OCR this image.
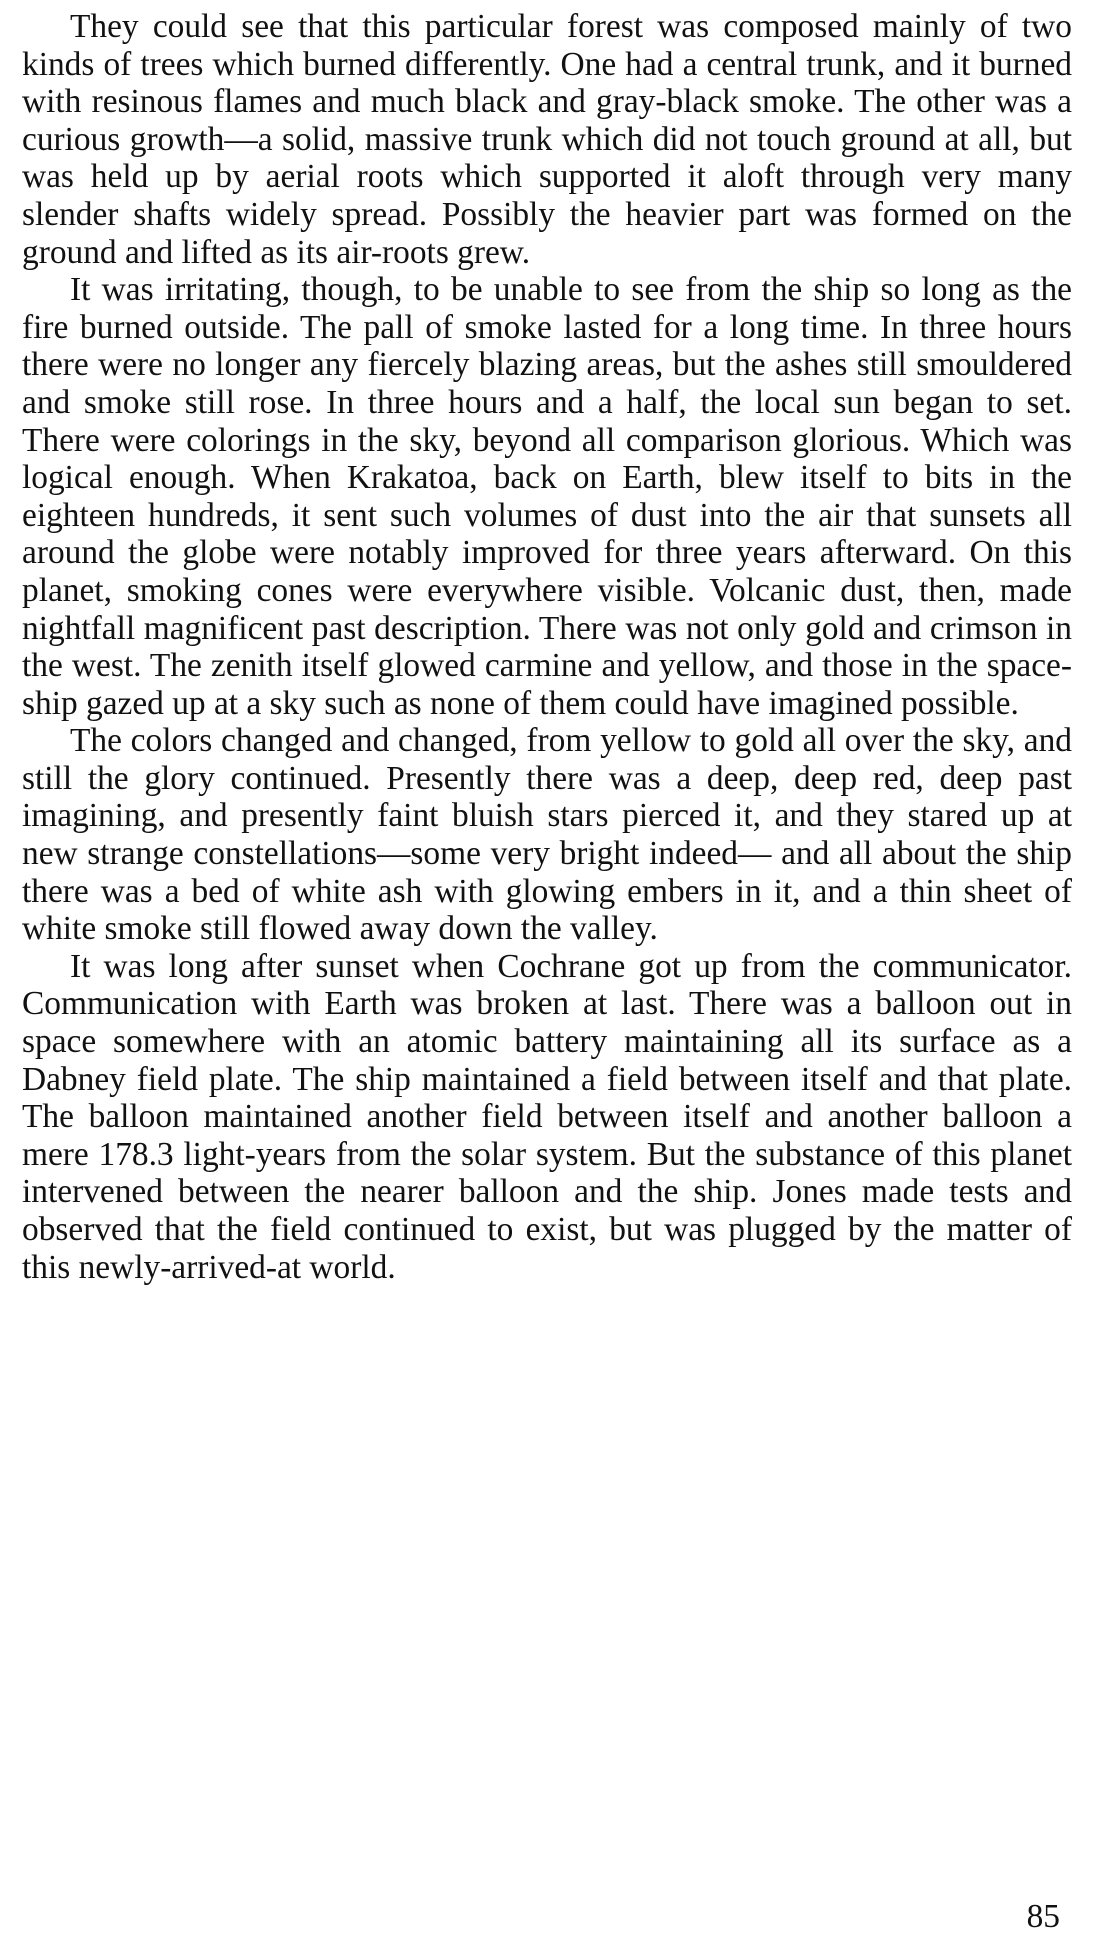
They could see that this particular forest was composed mainly of two kinds of trees which burned differently. One had a central trunk, and it burned with resinous flames and much black and gray-black smoke. The other was a curious growth—a solid, massive trunk which did not touch ground at all, but was held up by aerial roots which supported it aloft through very many slender shafts widely spread. Possibly the heavier part was formed on the ground and lifted as its air-roots grew.

It was irritating, though, to be unable to see from the ship so long as the fire burned outside. The pall of smoke lasted for a long time. In three hours there were no longer any fiercely blazing areas, but the ashes still smouldered and smoke still rose. In three hours and a half, the local sun began to set. There were colorings in the sky, beyond all comparison glorious. Which was logical enough. When Krakatoa, back on Earth, blew itself to bits in the eighteen hundreds, it sent such volumes of dust into the air that sunsets all around the globe were notably improved for three years afterward. On this planet, smoking cones were everywhere visible. Volcanic dust, then, made nightfall magnificent past description. There was not only gold and crimson in the west. The zenith itself glowed carmine and yellow, and those in the space-ship gazed up at a sky such as none of them could have imagined possible.

The colors changed and changed, from yellow to gold all over the sky, and still the glory continued. Presently there was a deep, deep red, deep past imagining, and presently faint bluish stars pierced it, and they stared up at new strange constellations—some very bright indeed— and all about the ship there was a bed of white ash with glowing embers in it, and a thin sheet of white smoke still flowed away down the valley.

It was long after sunset when Cochrane got up from the communicator. Communication with Earth was broken at last. There was a balloon out in space somewhere with an atomic battery maintaining all its surface as a Dabney field plate. The ship maintained a field between itself and that plate. The balloon maintained another field between itself and another balloon a mere 178.3 light-years from the solar system. But the substance of this planet intervened between the nearer balloon and the ship. Jones made tests and observed that the field continued to exist, but was plugged by the matter of this newly-arrived-at world.

85
